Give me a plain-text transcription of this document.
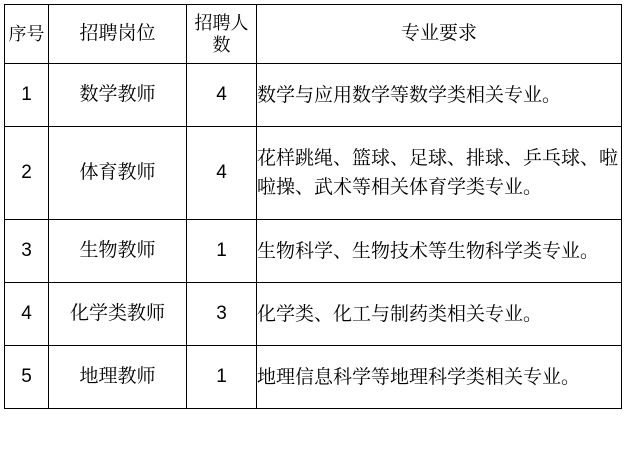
序号	招聘岗位	招聘人数	专业要求
1	数学教师	4	数学与应用数学等数学类相关专业。
2	体育教师	4	花样跳绳、篮球、足球、排球、乒乓球、啦啦操、武术等相关体育学类专业。
3	生物教师	1	生物科学、生物技术等生物科学类专业。
4	化学类教师	3	化学类、化工与制药类相关专业。
5	地理教师	1	地理信息科学等地理科学类相关专业。
